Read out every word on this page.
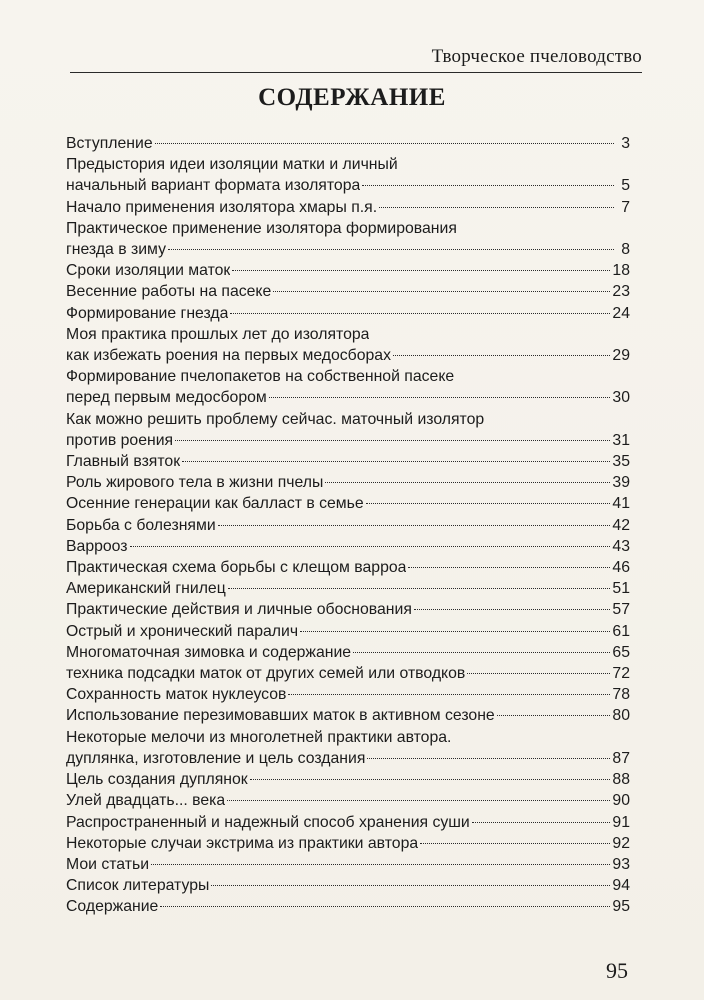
Творческое пчеловодство
СОДЕРЖАНИЕ
Вступление	3
Предыстория идеи изоляции матки и личный
начальный вариант формата изолятора	5
Начало применения изолятора хмары п.я.	7
Практическое применение изолятора формирования
гнезда в зиму	8
Сроки изоляции маток	18
Весенние работы на пасеке	23
Формирование гнезда	24
Моя практика прошлых лет до изолятора
как избежать роения на первых медосборах	29
Формирование пчелопакетов на собственной пасеке
перед первым медосбором	30
Как можно решить проблему сейчас. маточный изолятор
против роения	31
Главный взяток	35
Роль жирового тела в жизни пчелы	39
Осенние генерации как балласт в семье	41
Борьба с болезнями	42
Варрооз	43
Практическая схема борьбы с клещом варроа	46
Американский гнилец	51
Практические действия и личные обоснования	57
Острый и хронический паралич	61
Многоматочная зимовка и содержание	65
техника подсадки маток от других семей или отводков	72
Сохранность маток нуклеусов	78
Использование перезимовавших маток в активном сезоне	80
Некоторые мелочи из многолетней практики автора.
дуплянка, изготовление и цель создания	87
Цель создания дуплянок	88
Улей двадцать... века	90
Распространенный и надежный способ хранения суши	91
Некоторые случаи экстрима из практики автора	92
Мои статьи	93
Список литературы	94
Содержание	95
95
